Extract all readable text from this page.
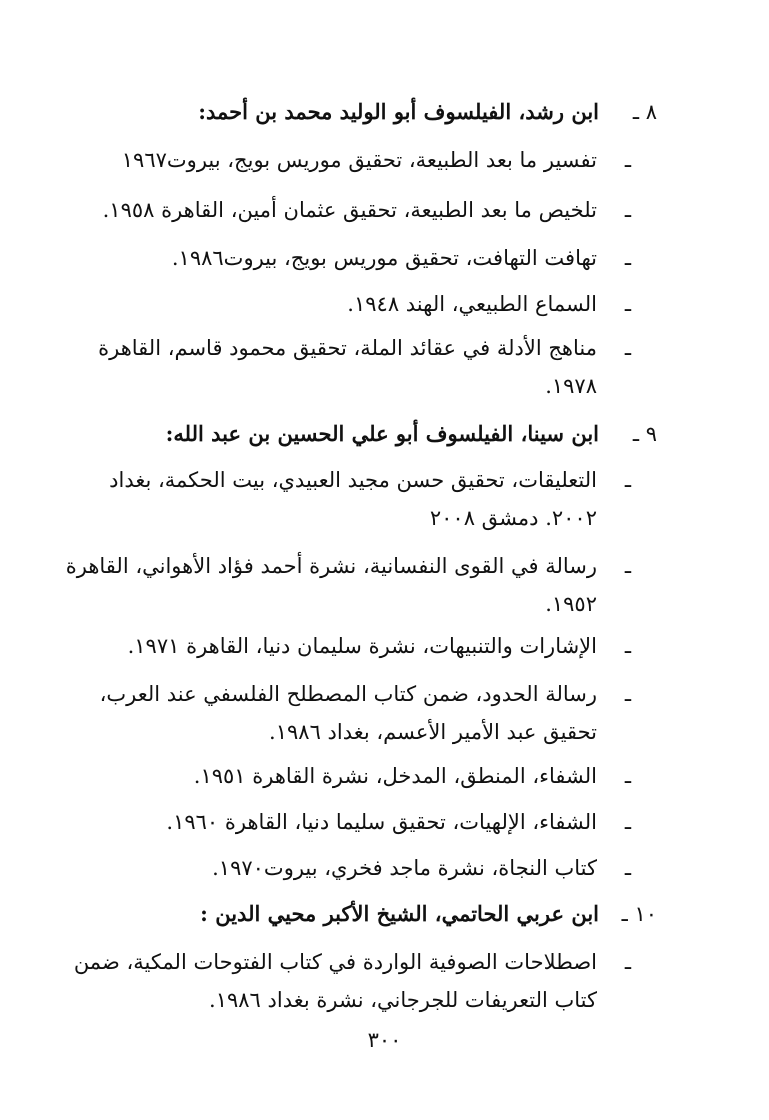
٨ ـ
ابن رشد، الفيلسوف أبو الوليد محمد بن أحمد:
ـ
تفسير ما بعد الطبيعة، تحقيق موريس بويج، بيروت١٩٦٧
ـ
تلخيص ما بعد الطبيعة، تحقيق عثمان أمين، القاهرة ١٩٥٨.
ـ
تهافت التهافت، تحقيق موريس بويج، بيروت١٩٨٦.
ـ
السماع الطبيعي، الهند ١٩٤٨.
ـ
مناهج الأدلة في عقائد الملة، تحقيق محمود قاسم، القاهرة
١٩٧٨.
٩ ـ
ابن سينا، الفيلسوف أبو علي الحسين بن عبد الله:
ـ
التعليقات، تحقيق حسن مجيد العبيدي، بيت الحكمة، بغداد
٢٠٠٢. دمشق ٢٠٠٨
ـ
رسالة في القوى النفسانية، نشرة أحمد فؤاد الأهواني، القاهرة
١٩٥٢.
ـ
الإشارات والتنبيهات، نشرة سليمان دنيا، القاهرة ١٩٧١.
ـ
رسالة الحدود، ضمن كتاب المصطلح الفلسفي عند العرب،
تحقيق عبد الأمير الأعسم، بغداد ١٩٨٦.
ـ
الشفاء، المنطق، المدخل، نشرة القاهرة ١٩٥١.
ـ
الشفاء، الإلهيات، تحقيق سليما دنيا، القاهرة ١٩٦٠.
ـ
كتاب النجاة، نشرة ماجد فخري، بيروت١٩٧٠.
١٠ ـ
ابن عربي الحاتمي، الشيخ الأكبر محيي الدين :
ـ
اصطلاحات الصوفية الواردة في كتاب الفتوحات المكية، ضمن
كتاب التعريفات للجرجاني، نشرة بغداد ١٩٨٦.
٣٠٠
